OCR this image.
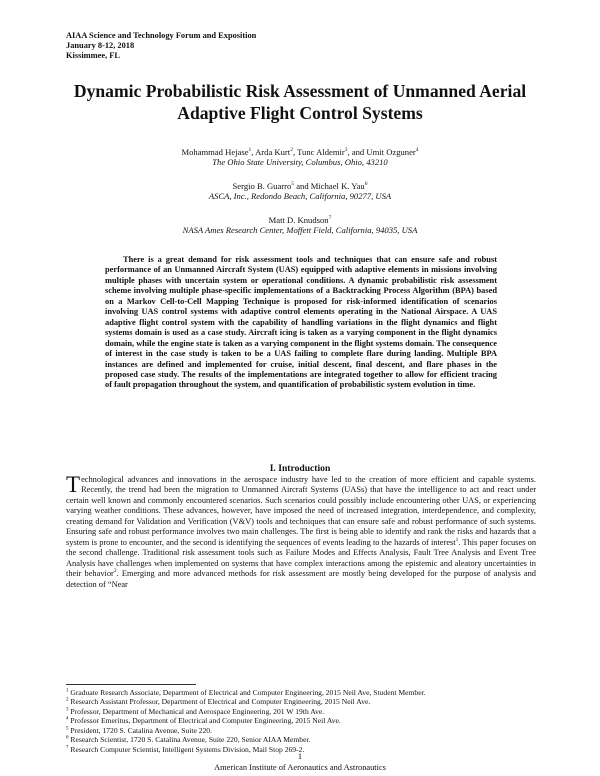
AIAA Science and Technology Forum and Exposition
January 8-12, 2018
Kissimmee, FL
Dynamic Probabilistic Risk Assessment of Unmanned Aerial
Adaptive Flight Control Systems
Mohammad Hejase$^1$, Arda Kurt$^2$, Tunc Aldemir$^3$, and Umit Ozguner$^4$
The Ohio State University, Columbus, Ohio, 43210
Sergio B. Guarro$^5$ and Michael K. Yau$^6$
ASCA, Inc., Redondo Beach, California, 90277, USA
Matt D. Knudson$^7$
NASA Ames Research Center, Moffett Field, California, 94035, USA
There is a great demand for risk assessment tools and techniques that can ensure safe and robust performance of an Unmanned Aircraft System (UAS) equipped with adaptive elements in missions involving multiple phases with uncertain system or operational conditions. A dynamic probabilistic risk assessment scheme involving multiple phase-specific implementations of a Backtracking Process Algorithm (BPA) based on a Markov Cell-to-Cell Mapping Technique is proposed for risk-informed identification of scenarios involving UAS control systems with adaptive control elements operating in the National Airspace. A UAS adaptive flight control system with the capability of handling variations in the flight dynamics and flight systems domain is used as a case study. Aircraft icing is taken as a varying component in the flight dynamics domain, while the engine state is taken as a varying component in the flight systems domain. The consequence of interest in the case study is taken to be a UAS failing to complete flare during landing. Multiple BPA instances are defined and implemented for cruise, initial descent, final descent, and flare phases in the proposed case study. The results of the implementations are integrated together to allow for efficient tracing of fault propagation throughout the system, and quantification of probabilistic system evolution in time.
I. Introduction
Technological advances and innovations in the aerospace industry have led to the creation of more efficient and capable systems. Recently, the trend had been the migration to Unmanned Aircraft Systems (UASs) that have the intelligence to act and react under certain well known and commonly encountered scenarios. Such scenarios could possibly include encountering other UAS, or experiencing varying weather conditions. These advances, however, have imposed the need of increased integration, interdependence, and complexity, creating demand for Validation and Verification (V&V) tools and techniques that can ensure safe and robust performance of such systems. Ensuring safe and robust performance involves two main challenges. The first is being able to identify and rank the risks and hazards that a system is prone to encounter, and the second is identifying the sequences of events leading to the hazards of interest$^1$. This paper focuses on the second challenge. Traditional risk assessment tools such as Failure Modes and Effects Analysis, Fault Tree Analysis and Event Tree Analysis have challenges when implemented on systems that have complex interactions among the epistemic and aleatory uncertainties in their behavior$^2$. Emerging and more advanced methods for risk assessment are mostly being developed for the purpose of analysis and detection of “Near
$^1$ Graduate Research Associate, Department of Electrical and Computer Engineering, 2015 Neil Ave, Student Member.
$^2$ Research Assistant Professor, Department of Electrical and Computer Engineering, 2015 Neil Ave.
$^3$ Professor, Department of Mechanical and Aerospace Engineering, 201 W 19th Ave.
$^4$ Professor Emeritus, Department of Electrical and Computer Engineering, 2015 Neil Ave.
$^5$ President, 1720 S. Catalina Avenue, Suite 220.
$^6$ Research Scientist, 1720 S. Catalina Avenue, Suite 220, Senior AIAA Member.
$^7$ Research Computer Scientist, Intelligent Systems Division, Mail Stop 269-2.
1
American Institute of Aeronautics and Astronautics
